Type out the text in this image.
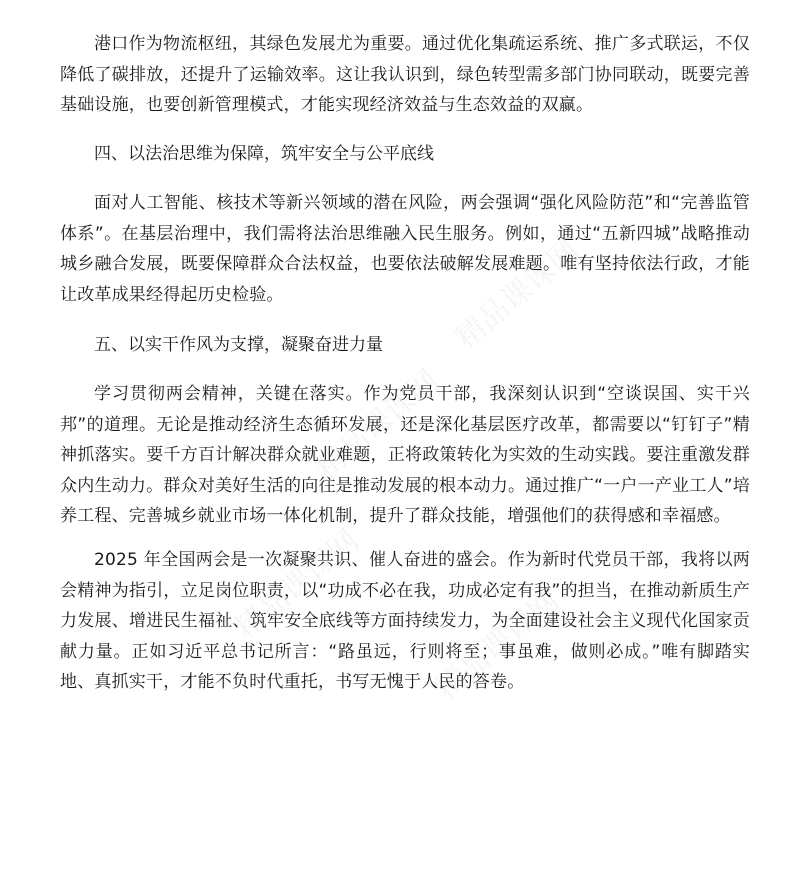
港口作为物流枢纽，其绿色发展尤为重要。通过优化集疏运系统、推广多式联运，不仅降低了碳排放，还提升了运输效率。这让我认识到，绿色转型需多部门协同联动，既要完善基础设施，也要创新管理模式，才能实现经济效益与生态效益的双赢。

四、以法治思维为保障，筑牢安全与公平底线

面对人工智能、核技术等新兴领域的潜在风险，两会强调“强化风险防范”和“完善监管体系”。在基层治理中，我们需将法治思维融入民生服务。例如，通过“五新四城”战略推动城乡融合发展，既要保障群众合法权益，也要依法破解发展难题。唯有坚持依法行政，才能让改革成果经得起历史检验。

五、以实干作风为支撑，凝聚奋进力量

学习贯彻两会精神，关键在落实。作为党员干部，我深刻认识到“空谈误国、实干兴邦”的道理。无论是推动经济生态循环发展，还是深化基层医疗改革，都需要以“钉钉子”精神抓落实。要千方百计解决群众就业难题，正将政策转化为实效的生动实践。要注重激发群众内生动力。群众对美好生活的向往是推动发展的根本动力。通过推广“一户一产业工人”培养工程、完善城乡就业市场一体化机制，提升了群众技能，增强他们的获得感和幸福感。

2025 年全国两会是一次凝聚共识、催人奋进的盛会。作为新时代党员干部，我将以两会精神为指引，立足岗位职责，以“功成不必在我，功成必定有我”的担当，在推动新质生产力发展、增进民生福祉、筑牢安全底线等方面持续发力，为全面建设社会主义现代化国家贡献力量。正如习近平总书记所言：“路虽远，行则将至；事虽难，做则必成。”唯有脚踏实地、真抓实干，才能不负时代重托，书写无愧于人民的答卷。
